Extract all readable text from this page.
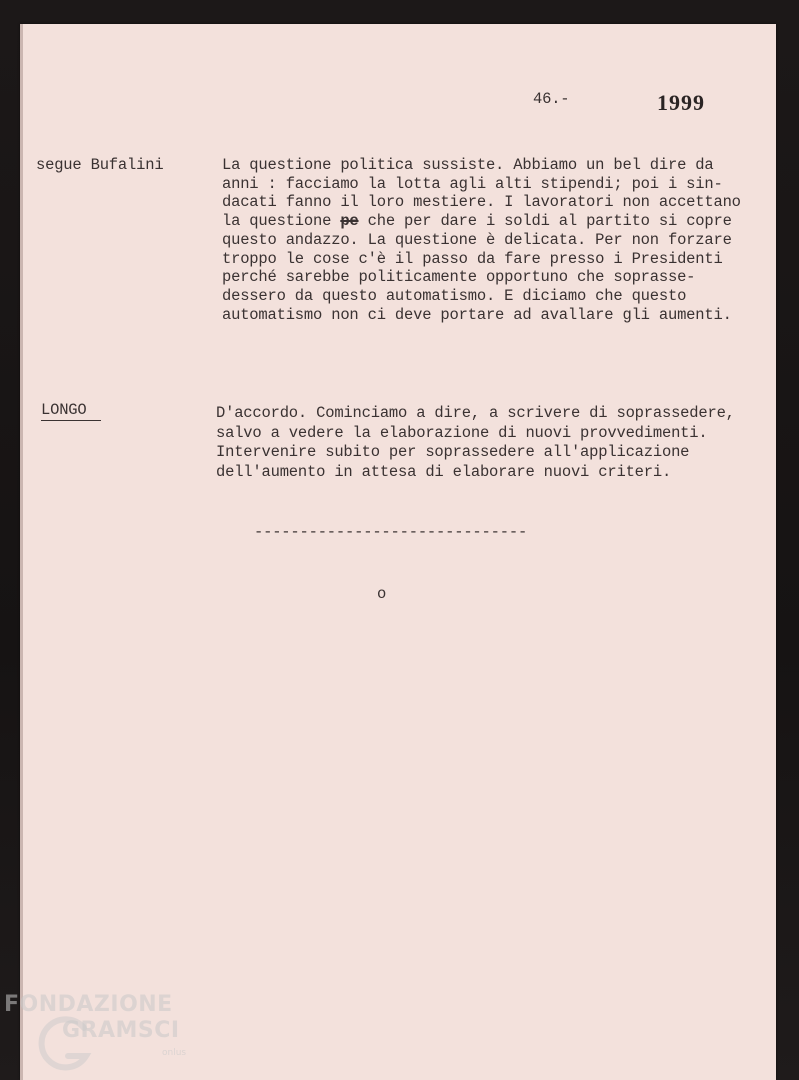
46.-	1999
segue Bufalini	La questione politica sussiste. Abbiamo un bel dire da
anni : facciamo la lotta agli alti stipendi; poi i sin-
dacati fanno il loro mestiere. I lavoratori non accettano
la questione pe che per dare i soldi al partito si copre
questo andazzo. La questione è delicata. Per non forzare
troppo le cose c'è il passo da fare presso i Presidenti
perché sarebbe politicamente opportuno che soprasse-
dessero da questo automatismo. E diciamo che questo
automatismo non ci deve portare ad avallare gli aumenti.
LONGO	D'accordo. Cominciamo a dire, a scrivere di soprassedere,
salvo a vedere la elaborazione di nuovi provvedimenti.
Intervenire subito per soprassedere all'applicazione
dell'aumento in attesa di elaborare nuovi criteri.
------------------------------
o
FONDAZIONE
GRAMSCI
onlus
